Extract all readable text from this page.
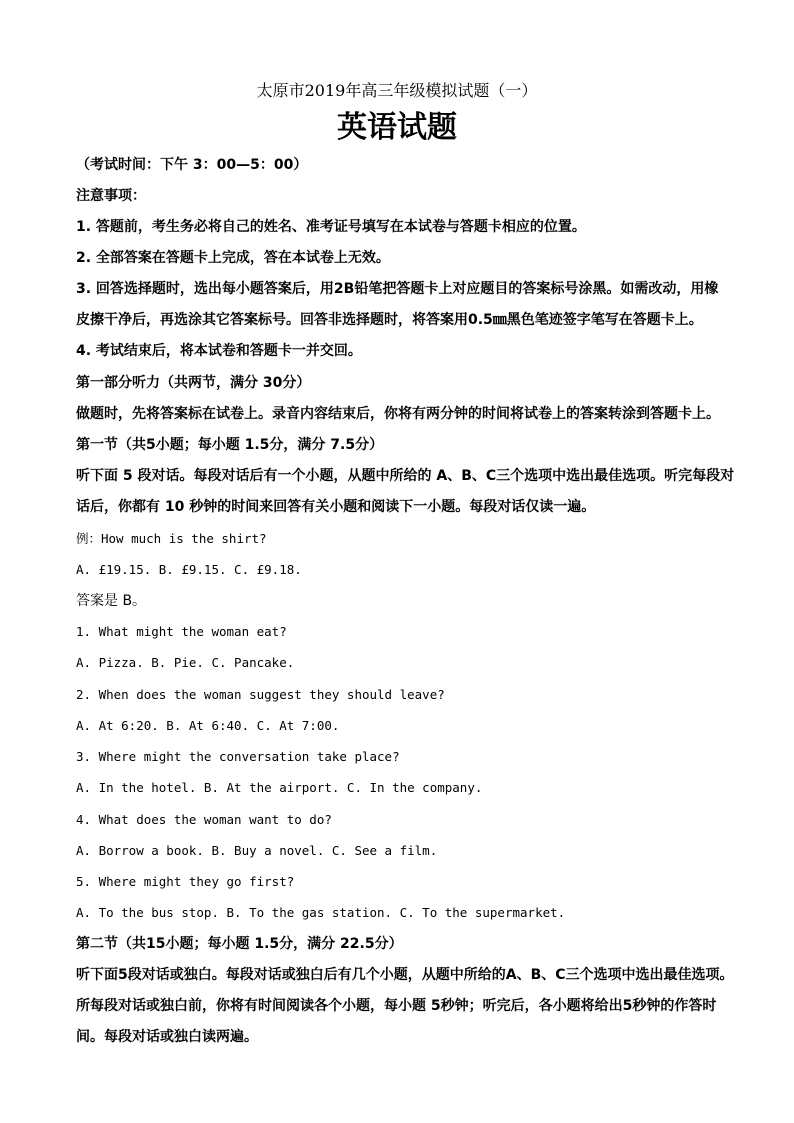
太原市2019年高三年级模拟试题（一）
英语试题
（考试时间：下午 3：00—5：00）
注意事项：
1. 答题前，考生务必将自己的姓名、准考证号填写在本试卷与答题卡相应的位置。
2. 全部答案在答题卡上完成，答在本试卷上无效。
3. 回答选择题时，选出每小题答案后，用2B铅笔把答题卡上对应题目的答案标号涂黑。如需改动，用橡
皮擦干净后，再选涂其它答案标号。回答非选择题时，将答案用0.5㎜黑色笔迹签字笔写在答题卡上。
4. 考试结束后，将本试卷和答题卡一并交回。
第一部分听力（共两节，满分 30分）
做题时，先将答案标在试卷上。录音内容结束后，你将有两分钟的时间将试卷上的答案转涂到答题卡上。
第一节（共5小题；每小题 1.5分，满分 7.5分）
听下面 5 段对话。每段对话后有一个小题，从题中所给的 A、B、C三个选项中选出最佳选项。听完每段对
话后，你都有 10 秒钟的时间来回答有关小题和阅读下一小题。每段对话仅读一遍。
例：How much is the shirt?
A. £19.15. B. £9.15. C. £9.18.
答案是 B。
1. What might the woman eat?
A. Pizza. B. Pie. C. Pancake.
2. When does the woman suggest they should leave?
A. At 6:20. B. At 6:40. C. At 7:00.
3. Where might the conversation take place?
A. In the hotel. B. At the airport. C. In the company.
4. What does the woman want to do?
A. Borrow a book. B. Buy a novel. C. See a film.
5. Where might they go first?
A. To the bus stop. B. To the gas station. C. To the supermarket.
第二节（共15小题；每小题 1.5分，满分 22.5分）
听下面5段对话或独白。每段对话或独白后有几个小题，从题中所给的A、B、C三个选项中选出最佳选项。
所每段对话或独白前，你将有时间阅读各个小题，每小题 5秒钟；听完后，各小题将给出5秒钟的作答时
间。每段对话或独白读两遍。
